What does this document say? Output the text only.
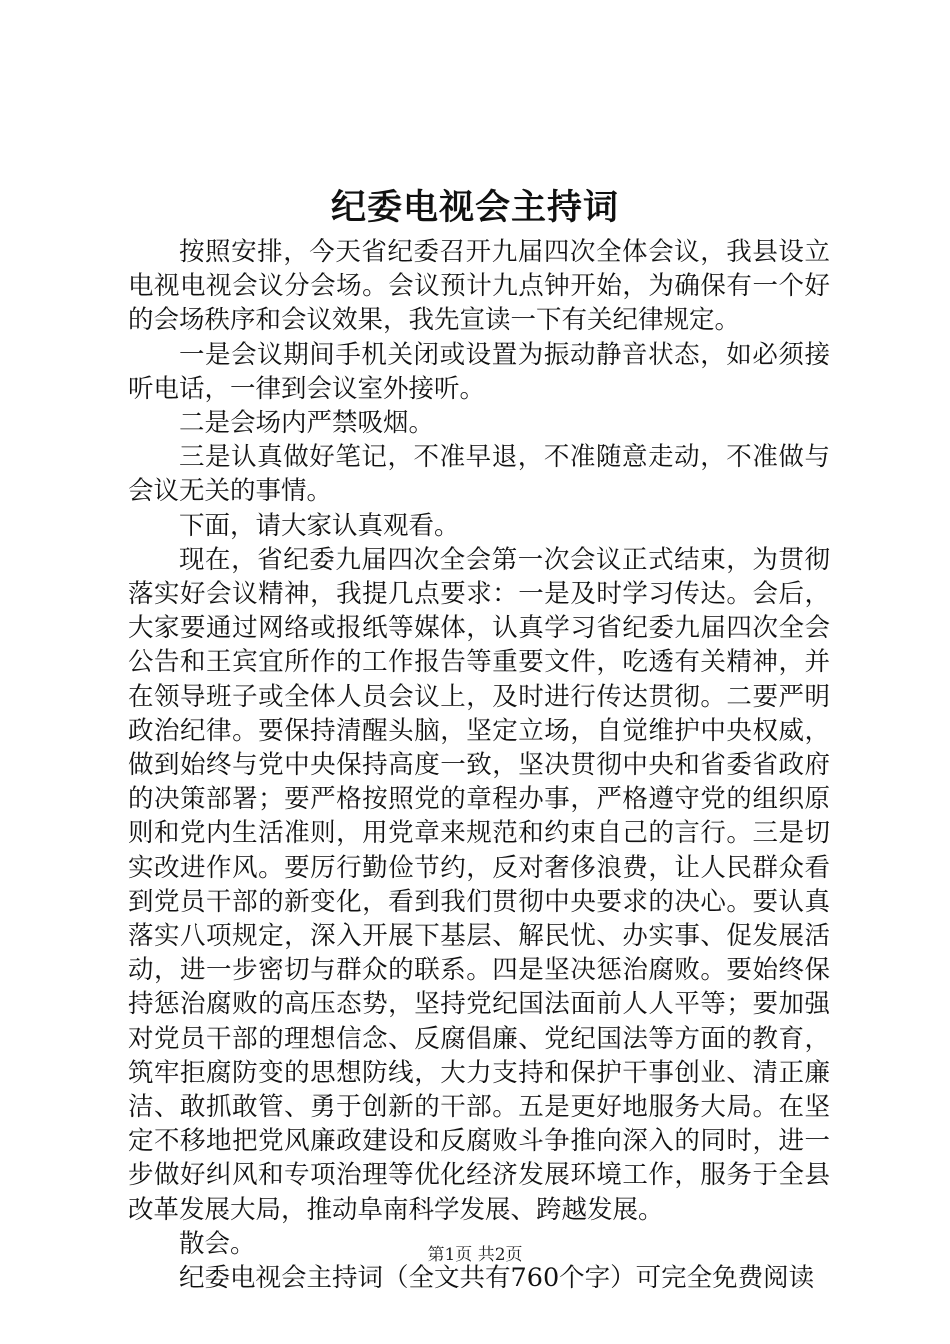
纪委电视会主持词

按照安排，今天省纪委召开九届四次全体会议，我县设立电视电视会议分会场。会议预计九点钟开始，为确保有一个好的会场秩序和会议效果，我先宣读一下有关纪律规定。

一是会议期间手机关闭或设置为振动静音状态，如必须接听电话，一律到会议室外接听。

二是会场内严禁吸烟。

三是认真做好笔记，不准早退，不准随意走动，不准做与会议无关的事情。

下面，请大家认真观看。

现在，省纪委九届四次全会第一次会议正式结束，为贯彻落实好会议精神，我提几点要求：一是及时学习传达。会后，大家要通过网络或报纸等媒体，认真学习省纪委九届四次全会公告和王宾宜所作的工作报告等重要文件，吃透有关精神，并在领导班子或全体人员会议上，及时进行传达贯彻。二要严明政治纪律。要保持清醒头脑，坚定立场，自觉维护中央权威，做到始终与党中央保持高度一致，坚决贯彻中央和省委省政府的决策部署；要严格按照党的章程办事，严格遵守党的组织原则和党内生活准则，用党章来规范和约束自己的言行。三是切实改进作风。要厉行勤俭节约，反对奢侈浪费，让人民群众看到党员干部的新变化，看到我们贯彻中央要求的决心。要认真落实八项规定，深入开展下基层、解民忧、办实事、促发展活动，进一步密切与群众的联系。四是坚决惩治腐败。要始终保持惩治腐败的高压态势，坚持党纪国法面前人人平等；要加强对党员干部的理想信念、反腐倡廉、党纪国法等方面的教育，筑牢拒腐防变的思想防线，大力支持和保护干事创业、清正廉洁、敢抓敢管、勇于创新的干部。五是更好地服务大局。在坚定不移地把党风廉政建设和反腐败斗争推向深入的同时，进一步做好纠风和专项治理等优化经济发展环境工作，服务于全县改革发展大局，推动阜南科学发展、跨越发展。

散会。

纪委电视会主持词（全文共有760个字）可完全免费阅读

第1页 共2页
